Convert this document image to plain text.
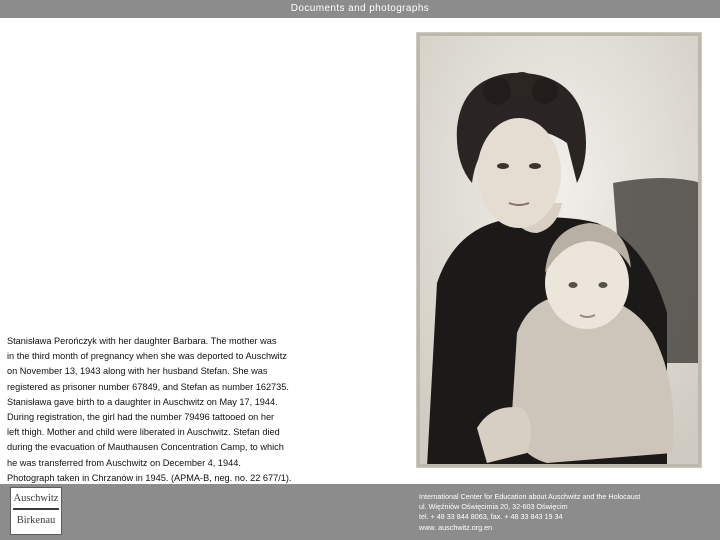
Documents and photographs
Stanisława Perończyk with her daughter Barbara. The mother was
in the third month of pregnancy when she was deported to Auschwitz
on November 13, 1943 along with her husband Stefan. She was
registered as prisoner number 67849, and Stefan as number 162735.
Stanisława gave birth to a daughter in Auschwitz on May 17, 1944.
During registration, the girl had the number 79496 tattooed on her
left thigh. Mother and child were liberated in Auschwitz. Stefan died
during the evacuation of Mauthausen Concentration Camp, to which
he was transferred from Auschwitz on December 4, 1944.
Photograph taken in Chrzanów in 1945. (APMA-B, neg. no. 22 677/1).
Auschwitz
Birkenau
International Center for Education about Auschwitz and the Holocaust
ul. Więźniów Oświęcimia 20, 32-603 Oświęcim
tel. + 48 33 844 8063, fax. + 48 33 843 19 34
www. auschwitz.org.en
